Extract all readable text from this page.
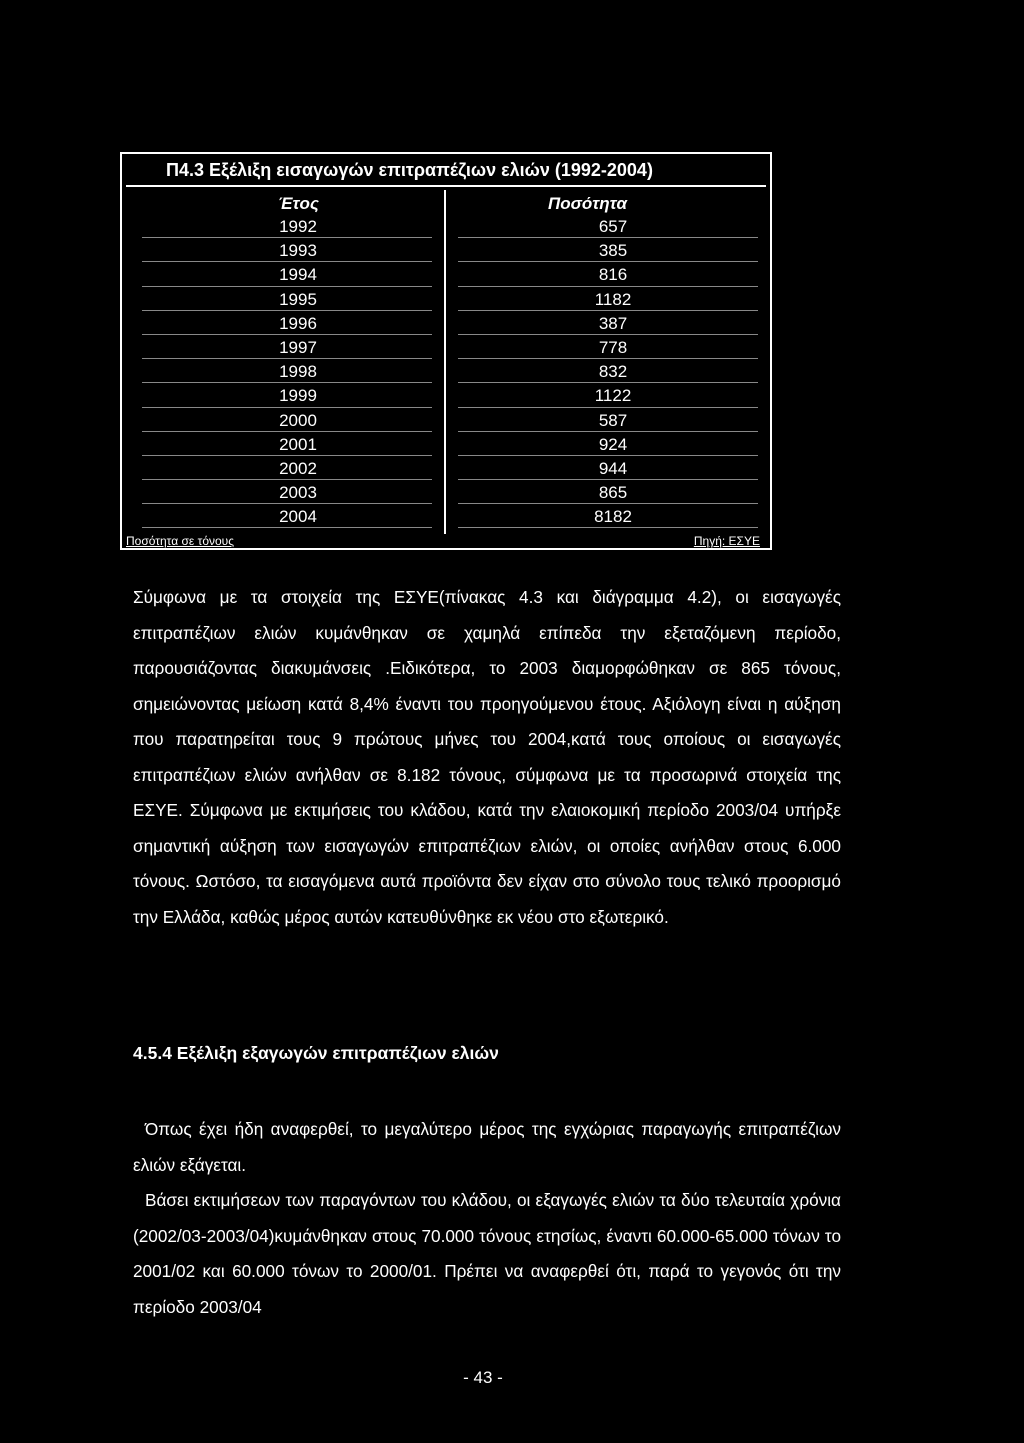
Π4.3 Εξέλιξη εισαγωγών επιτραπέζιων ελιών (1992-2004)
Έτος	Ποσότητα
1992	657
1993	385
1994	816
1995	1182
1996	387
1997	778
1998	832
1999	1122
2000	587
2001	924
2002	944
2003	865
2004	8182
Ποσότητα σε τόνους	Πηγή: ΕΣΥΕ
Σύμφωνα με τα στοιχεία της ΕΣΥΕ(πίνακας 4.3 και διάγραμμα 4.2), οι εισαγωγές επιτραπέζιων ελιών κυμάνθηκαν σε χαμηλά επίπεδα την εξεταζόμενη περίοδο, παρουσιάζοντας διακυμάνσεις .Ειδικότερα, το 2003 διαμορφώθηκαν σε 865 τόνους, σημειώνοντας μείωση κατά 8,4% έναντι του προηγούμενου έτους. Αξιόλογη είναι η αύξηση που παρατηρείται τους 9 πρώτους μήνες του 2004,κατά τους οποίους οι εισαγωγές επιτραπέζιων ελιών ανήλθαν σε 8.182 τόνους, σύμφωνα με τα προσωρινά στοιχεία της ΕΣΥΕ. Σύμφωνα με εκτιμήσεις του κλάδου, κατά την ελαιοκομική περίοδο 2003/04 υπήρξε σημαντική αύξηση των εισαγωγών επιτραπέζιων ελιών, οι οποίες ανήλθαν στους 6.000 τόνους. Ωστόσο, τα εισαγόμενα αυτά προϊόντα δεν είχαν στο σύνολο τους τελικό προορισμό την Ελλάδα, καθώς μέρος αυτών κατευθύνθηκε εκ νέου στο εξωτερικό.
4.5.4 Εξέλιξη εξαγωγών επιτραπέζιων ελιών
Όπως έχει ήδη αναφερθεί, το μεγαλύτερο μέρος της εγχώριας παραγωγής επιτραπέζιων ελιών εξάγεται.
Βάσει εκτιμήσεων των παραγόντων του κλάδου, οι εξαγωγές ελιών τα δύο τελευταία χρόνια (2002/03-2003/04)κυμάνθηκαν στους 70.000 τόνους ετησίως, έναντι 60.000-65.000 τόνων το 2001/02 και 60.000 τόνων το 2000/01. Πρέπει να αναφερθεί ότι, παρά το γεγονός ότι την περίοδο 2003/04
- 43 -
